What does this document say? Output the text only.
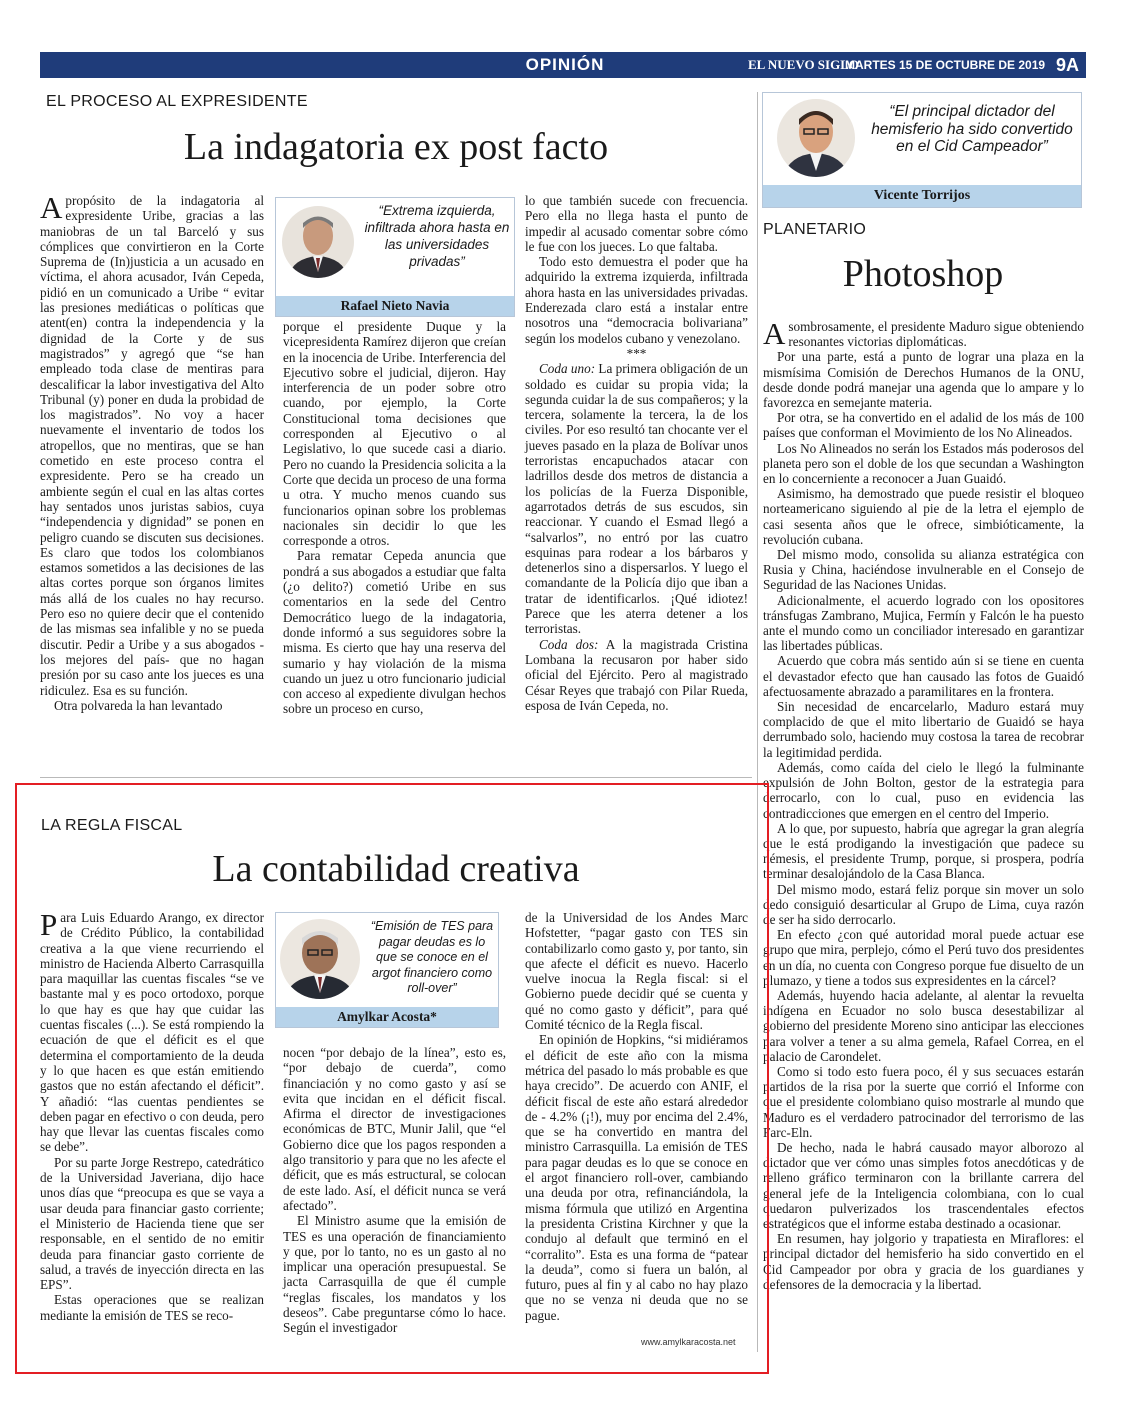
OPINIÓN	EL NUEVO SIGLO
MARTES 15 DE OCTUBRE DE 2019 9A
EL PROCESO AL EXPRESIDENTE
La indagatoria ex post facto

Apropósito de la indagatoria al expresidente Uribe, gracias a las maniobras de un tal Barceló y sus cómplices que convirtieron en la Corte Suprema de (In)justicia a un acusado en víctima, el ahora acusador, Iván Cepeda, pidió en un comunicado a Uribe “ evitar las presiones mediáticas o políticas que atent(en) contra la independencia y la dignidad de la Corte y de sus magistrados” y agregó que “se han empleado toda clase de mentiras para descalificar la labor investigativa del Alto Tribunal (y) poner en duda la probidad de los magistrados”. No voy a hacer nuevamente el inventario de todos los atropellos, que no mentiras, que se han cometido en este proceso contra el expresidente. Pero se ha creado un ambiente según el cual en las altas cortes hay sentados unos juristas sabios, cuya “independencia y dignidad” se ponen en peligro cuando se discuten sus decisiones. Es claro que todos los colombianos estamos sometidos a las decisiones de las altas cortes porque son órganos limites más allá de los cuales no hay recurso. Pero eso no quiere decir que el contenido de las mismas sea infalible y no se pueda discutir. Pedir a Uribe y a sus abogados -los mejores del país- que no hagan presión por su caso ante los jueces es una ridiculez. Esa es su función.

Otra polvareda la han levantado

“Extrema izquierda, infiltrada ahora hasta en las universidades privadas”
Rafael Nieto Navia

porque el presidente Duque y la vicepresidenta Ramírez dijeron que creían en la inocencia de Uribe. Interferencia del Ejecutivo sobre el judicial, dijeron. Hay interferencia de un poder sobre otro cuando, por ejemplo, la Corte Constitucional toma decisiones que corresponden al Ejecutivo o al Legislativo, lo que sucede casi a diario. Pero no cuando la Presidencia solicita a la Corte que decida un proceso de una forma u otra. Y mucho menos cuando sus funcionarios opinan sobre los problemas nacionales sin decidir lo que les corresponde a otros.

Para rematar Cepeda anuncia que pondrá a sus abogados a estudiar que falta (¿o delito?) cometió Uribe en sus comentarios en la sede del Centro Democrático luego de la indagatoria, donde informó a sus seguidores sobre la misma. Es cierto que hay una reserva del sumario y hay violación de la misma cuando un juez u otro funcionario judicial con acceso al expediente divulgan hechos sobre un proceso en curso,

lo que también sucede con frecuencia. Pero ella no llega hasta el punto de impedir al acusado comentar sobre cómo le fue con los jueces. Lo que faltaba.

Todo esto demuestra el poder que ha adquirido la extrema izquierda, infiltrada ahora hasta en las universidades privadas. Enderezada claro está a instalar entre nosotros una “democracia bolivariana” según los modelos cubano y venezolano.

***

Coda uno: La primera obligación de un soldado es cuidar su propia vida; la segunda cuidar la de sus compañeros; y la tercera, solamente la tercera, la de los civiles. Por eso resultó tan chocante ver el jueves pasado en la plaza de Bolívar unos terroristas encapuchados atacar con ladrillos desde dos metros de distancia a los policías de la Fuerza Disponible, agarrotados detrás de sus escudos, sin reaccionar. Y cuando el Esmad llegó a “salvarlos”, no entró por las cuatro esquinas para rodear a los bárbaros y detenerlos sino a dispersarlos. Y luego el comandante de la Policía dijo que iban a tratar de identificarlos. ¡Qué idiotez! Parece que les aterra detener a los terroristas.

Coda dos: A la magistrada Cristina Lombana la recusaron por haber sido oficial del Ejército. Pero al magistrado César Reyes que trabajó con Pilar Rueda, esposa de Iván Cepeda, no.

“El principal dictador del hemisferio ha sido convertido en el Cid Campeador”
Vicente Torrijos
PLANETARIO
Photoshop

Asombrosamente, el presidente Maduro sigue obteniendo resonantes victorias diplomáticas.

Por una parte, está a punto de lograr una plaza en la mismísima Comisión de Derechos Humanos de la ONU, desde donde podrá manejar una agenda que lo ampare y lo favorezca en semejante materia.

Por otra, se ha convertido en el adalid de los más de 100 países que conforman el Movimiento de los No Alineados.

Los No Alineados no serán los Estados más poderosos del planeta pero son el doble de los que secundan a Washington en lo concerniente a reconocer a Juan Guaidó.

Asimismo, ha demostrado que puede resistir el bloqueo norteamericano siguiendo al pie de la letra el ejemplo de casi sesenta años que le ofrece, simbióticamente, la revolución cubana.

Del mismo modo, consolida su alianza estratégica con Rusia y China, haciéndose invulnerable en el Consejo de Seguridad de las Naciones Unidas.

Adicionalmente, el acuerdo logrado con los opositores tránsfugas Zambrano, Mujica, Fermín y Falcón le ha puesto ante el mundo como un conciliador interesado en garantizar las libertades públicas.

Acuerdo que cobra más sentido aún si se tiene en cuenta el devastador efecto que han causado las fotos de Guaidó afectuosamente abrazado a paramilitares en la frontera.

Sin necesidad de encarcelarlo, Maduro estará muy complacido de que el mito libertario de Guaidó se haya derrumbado solo, haciendo muy costosa la tarea de recobrar la legitimidad perdida.

Además, como caída del cielo le llegó la fulminante expulsión de John Bolton, gestor de la estrategia para derrocarlo, con lo cual, puso en evidencia las contradicciones que emergen en el centro del Imperio.

A lo que, por supuesto, habría que agregar la gran alegría que le está prodigando la investigación que padece su némesis, el presidente Trump, porque, si prospera, podría terminar desalojándolo de la Casa Blanca.

Del mismo modo, estará feliz porque sin mover un solo dedo consiguió desarticular al Grupo de Lima, cuya razón de ser ha sido derrocarlo.

En efecto ¿con qué autoridad moral puede actuar ese grupo que mira, perplejo, cómo el Perú tuvo dos presidentes en un día, no cuenta con Congreso porque fue disuelto de un plumazo, y tiene a todos sus expresidentes en la cárcel?

Además, huyendo hacia adelante, al alentar la revuelta indígena en Ecuador no solo busca desestabilizar al gobierno del presidente Moreno sino anticipar las elecciones para volver a tener a su alma gemela, Rafael Correa, en el palacio de Carondelet.

Como si todo esto fuera poco, él y sus secuaces estarán partidos de la risa por la suerte que corrió el Informe con que el presidente colombiano quiso mostrarle al mundo que Maduro es el verdadero patrocinador del terrorismo de las Farc-Eln.

De hecho, nada le habrá causado mayor alborozo al dictador que ver cómo unas simples fotos anecdóticas y de relleno gráfico terminaron con la brillante carrera del general jefe de la Inteligencia colombiana, con lo cual quedaron pulverizados los trascendentales efectos estratégicos que el informe estaba destinado a ocasionar.

En resumen, hay jolgorio y trapatiesta en Miraflores: el principal dictador del hemisferio ha sido convertido en el Cid Campeador por obra y gracia de los guardianes y defensores de la democracia y la libertad.

LA REGLA FISCAL
La contabilidad creativa

Para Luis Eduardo Arango, ex director de Crédito Público, la contabilidad creativa a la que viene recurriendo el ministro de Hacienda Alberto Carrasquilla para maquillar las cuentas fiscales “se ve bastante mal y es poco ortodoxo, porque lo que hay es que hay que cuidar las cuentas fiscales (...). Se está rompiendo la ecuación de que el déficit es el que determina el comportamiento de la deuda y lo que hacen es que están emitiendo gastos que no están afectando el déficit”. Y añadió: “las cuentas pendientes se deben pagar en efectivo o con deuda, pero hay que llevar las cuentas fiscales como se debe”.

Por su parte Jorge Restrepo, catedrático de la Universidad Javeriana, dijo hace unos días que “preocupa es que se vaya a usar deuda para financiar gasto corriente; el Ministerio de Hacienda tiene que ser responsable, en el sentido de no emitir deuda para financiar gasto corriente de salud, a través de inyección directa en las EPS”.

Estas operaciones que se realizan mediante la emisión de TES se reco-

“Emisión de TES para pagar deudas es lo que se conoce en el argot financiero como roll-over”
Amylkar Acosta*

nocen “por debajo de la línea”, esto es, “por debajo de cuerda”, como financiación y no como gasto y así se evita que incidan en el déficit fiscal. Afirma el director de investigaciones económicas de BTC, Munir Jalil, que “el Gobierno dice que los pagos responden a algo transitorio y para que no les afecte el déficit, que es más estructural, se colocan de este lado. Así, el déficit nunca se verá afectado”.

El Ministro asume que la emisión de TES es una operación de financiamiento y que, por lo tanto, no es un gasto al no implicar una operación presupuestal. Se jacta Carrasquilla de que él cumple “reglas fiscales, los mandatos y los deseos”. Cabe preguntarse cómo lo hace. Según el investigador

de la Universidad de los Andes Marc Hofstetter, “pagar gasto con TES sin contabilizarlo como gasto y, por tanto, sin que afecte el déficit es nuevo. Hacerlo vuelve inocua la Regla fiscal: si el Gobierno puede decidir qué se cuenta y qué no como gasto y déficit”, para qué Comité técnico de la Regla fiscal.

En opinión de Hopkins, “si midiéramos el déficit de este año con la misma métrica del pasado lo más probable es que haya crecido”. De acuerdo con ANIF, el déficit fiscal de este año estará alrededor de - 4.2% (¡!), muy por encima del 2.4%, que se ha convertido en mantra del ministro Carrasquilla. La emisión de TES para pagar deudas es lo que se conoce en el argot financiero roll-over, cambiando una deuda por otra, refinanciándola, la misma fórmula que utilizó en Argentina la presidenta Cristina Kirchner y que la condujo al default que terminó en el “corralito”. Esta es una forma de “patear la deuda”, como si fuera un balón, al futuro, pues al fin y al cabo no hay plazo que no se venza ni deuda que no se pague.

www.amylkaracosta.net
